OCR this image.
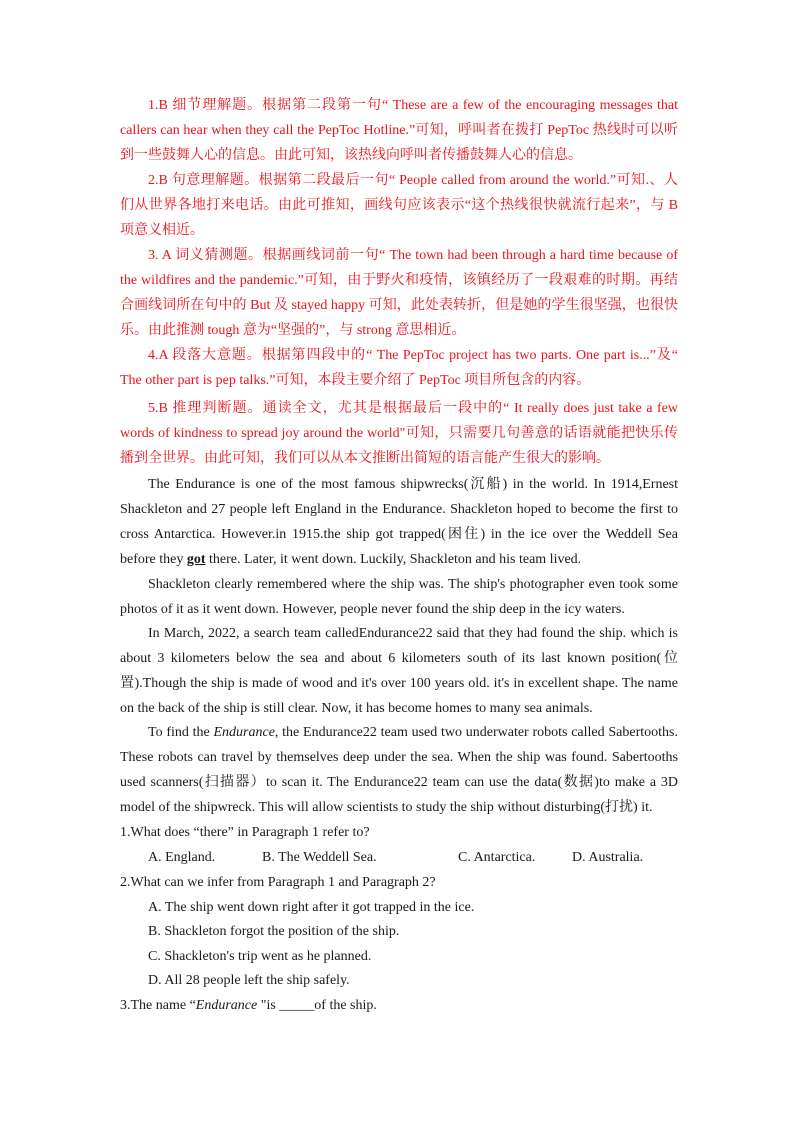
1.B 细节理解题。根据第二段第一句“ These are a few of the encouraging messages that callers can hear when they call the PepToc Hotline.”可知，呼叫者在拨打 PepToc 热线时可以听到一些鼓舞人心的信息。由此可知，该热线向呼叫者传播鼓舞人心的信息。
2.B 句意理解题。根据第二段最后一句“ People called from around the world.”可知.、人们从世界各地打来电话。由此可推知，画线句应该表示“这个热线很快就流行起来”，与 B 项意义相近。
3. A 词义猜测题。根据画线词前一句“ The town had been through a hard time because of the wildfires and the pandemic.”可知，由于野火和疫情，该镇经历了一段艰难的时期。再结合画线词所在句中的 But 及 stayed happy 可知，此处表转折，但是她的学生很坚强，也很快乐。由此推测 tough 意为“坚强的”，与 strong 意思相近。
4.A 段落大意题。根据第四段中的“ The PepToc project has two parts. One part is...”及“ The other part is pep talks.”可知，本段主要介绍了 PepToc 项目所包含的内容。
5.B 推理判断题。通读全文，尤其是根据最后一段中的“ It really does just take a few words of kindness to spread joy around the world"可知，只需要几句善意的话语就能把快乐传播到全世界。由此可知，我们可以从本文推断出简短的语言能产生很大的影响。
The Endurance is one of the most famous shipwrecks(沉船) in the world. In 1914,Ernest Shackleton and 27 people left England in the Endurance. Shackleton hoped to become the first to cross Antarctica. However.in 1915.the ship got trapped(困住) in the ice over the Weddell Sea before they got there. Later, it went down. Luckily, Shackleton and his team lived.
Shackleton clearly remembered where the ship was. The ship's photographer even took some photos of it as it went down. However, people never found the ship deep in the icy waters.
In March, 2022, a search team calledEndurance22 said that they had found the ship. which is about 3 kilometers below the sea and about 6 kilometers south of its last known position(位置).Though the ship is made of wood and it's over 100 years old. it's in excellent shape. The name on the back of the ship is still clear. Now, it has become homes to many sea animals.
To find the Endurance, the Endurance22 team used two underwater robots called Sabertooths. These robots can travel by themselves deep under the sea. When the ship was found. Sabertooths used scanners(扫描器）to scan it. The Endurance22 team can use the data(数据)to make a 3D model of the shipwreck. This will allow scientists to study the ship without disturbing(打扰) it.
1.What does “there” in Paragraph 1 refer to?
A. England.	B. The Weddell Sea.	C. Antarctica.	D. Australia.
2.What can we infer from Paragraph 1 and Paragraph 2?
A. The ship went down right after it got trapped in the ice.
B. Shackleton forgot the position of the ship.
C. Shackleton's trip went as he planned.
D. All 28 people left the ship safely.
3.The name “Endurance "is _____of the ship.
